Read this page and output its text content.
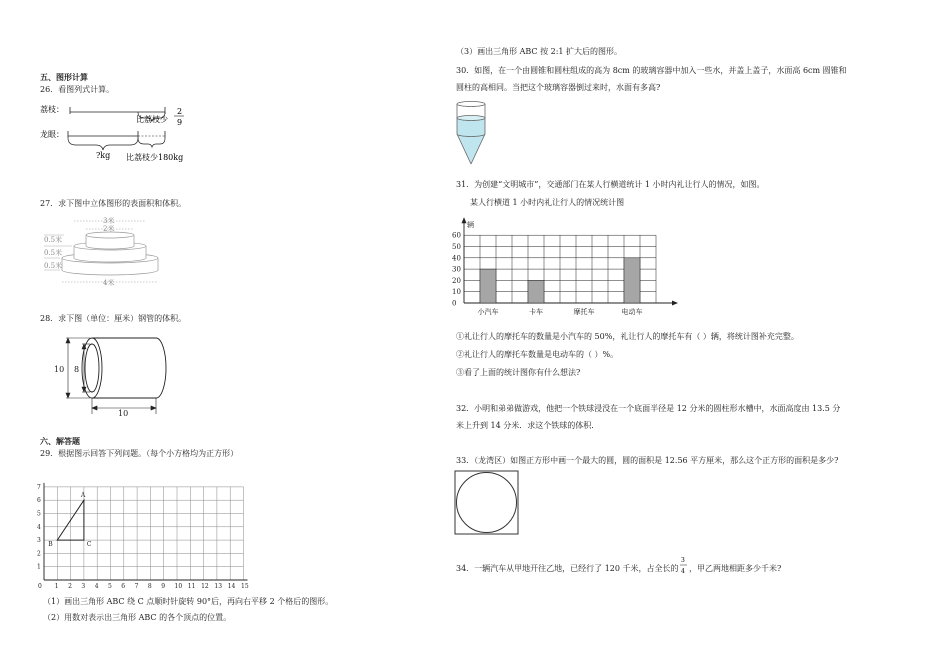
五、图形计算
26．看图列式计算。
荔枝：
比荔枝少
2
9
龙眼：
?kg 比荔枝少180kg
27．求下图中立体图形的表面积和体积。
3米
2米
4米
0.5米
0.5米
0.5米
28．求下图（单位：厘米）钢管的体积。
10 8
10
六、解答题
29．根据图示回答下列问题。（每个小方格均为正方形）
0 1 2 3 4 5 6 7 8 9 10 11 12 13 14 15
1
2
3
4
5
6
7
A
B	C
（1）画出三角形 ABC 绕 C 点顺时针旋转 90°后，再向右平移 2 个格后的图形。
（2）用数对表示出三角形 ABC 的各个顶点的位置。
（3）画出三角形 ABC 按 2:1 扩大后的图形。
30．如图，在一个由圆锥和圆柱组成的高为 8cm 的玻璃容器中加入一些水，并盖上盖子，水面高 6cm 圆锥和
圆柱的高相同。当把这个玻璃容器倒过来时，水面有多高?
31．为创建“文明城市”，交通部门在某人行横道统计 1 小时内礼让行人的情况，如图。
某人行横道 1 小时内礼让行人的情况统计图
辆
0
10
20
30
40
50
60
小汽车	卡车	摩托车	电动车
①礼让行人的摩托车的数量是小汽车的 50%，礼让行人的摩托车有（ ）辆，将统计图补充完整。
②礼让行人的摩托车数量是电动车的（ ）%。
③看了上面的统计图你有什么想法?
32．小明和弟弟做游戏，他把一个铁球浸没在一个底面半径是 12 分米的圆柱形水槽中，水面高度由 13.5 分
米上升到 14 分米．求这个铁球的体积.
33．（龙湾区）如图正方形中画一个最大的圆，圆的面积是 12.56 平方厘米，那么这个正方形的面积是多少?
34．一辆汽车从甲地开往乙地，已经行了 120 千米，占全长的
3
4 ，甲乙两地相距多少千米?
